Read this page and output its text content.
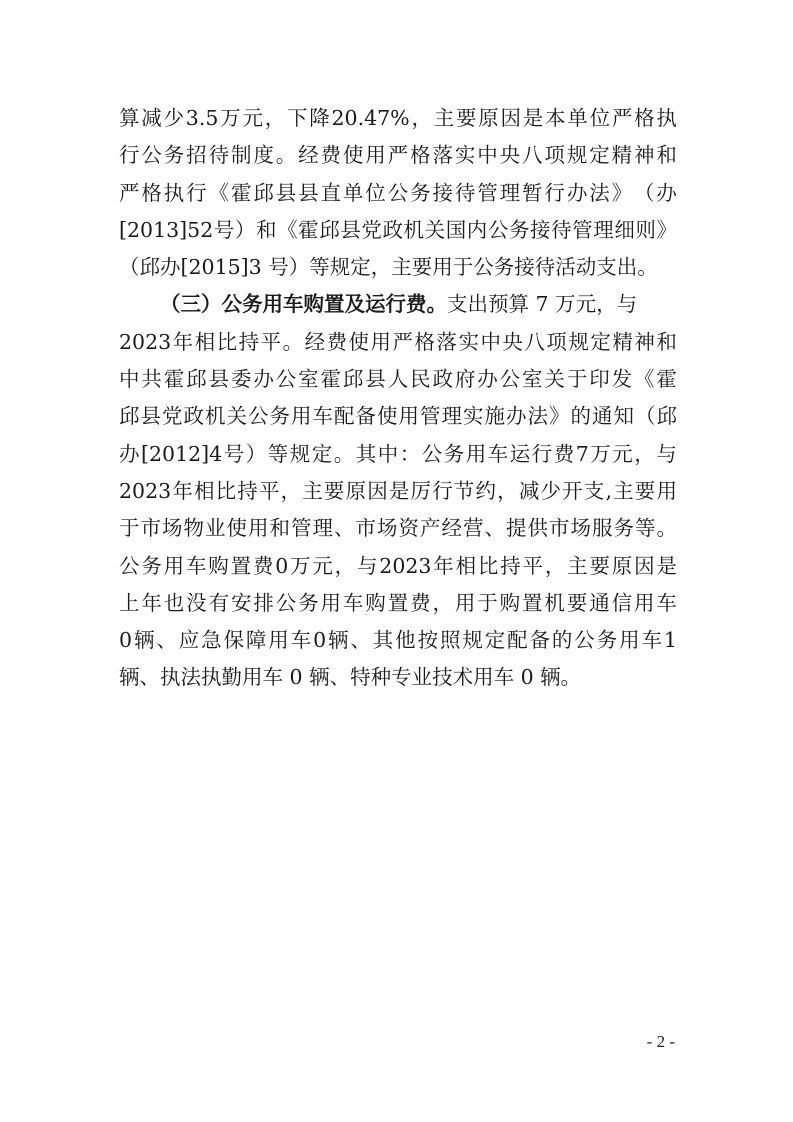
算 减 少 3.5 万 元 ， 下 降 20.47% ， 主 要 原 因 是 本 单 位 严 格 执
行 公 务 招 待 制 度 。 经 费 使 用 严 格 落 实 中 央 八 项 规 定 精 神 和
严 格 执 行 《 霍 邱 县 县 直 单 位 公 务 接 待 管 理 暂 行 办 法 》 （ 办
[2013]52 号 ） 和 《 霍 邱 县 党 政 机 关 国 内 公 务 接 待 管 理 细 则 》
（邱办[2015]3 号）等规定，主要用于公务接待活动支出。
（三）公务用车购置及运行费。 支出预算 7 万元，与
2023 年 相 比 持 平 。 经 费 使 用 严 格 落 实 中 央 八 项 规 定 精 神 和
中 共 霍 邱 县 委 办 公 室 霍 邱 县 人 民 政 府 办 公 室 关 于 印 发 《 霍
邱 县 党 政 机 关 公 务 用 车 配 备 使 用 管 理 实 施 办 法 》 的 通 知 （ 邱
办 [2012]4 号 ） 等 规 定 。 其 中 ： 公 务 用 车 运 行 费 7 万 元 ， 与
2023 年 相 比 持 平 ， 主 要 原 因 是 厉 行 节 约 ， 减 少 开 支 , 主 要 用
于 市 场 物 业 使 用 和 管 理 、 市 场 资 产 经 营 、 提 供 市 场 服 务 等 。
公 务 用 车 购 置 费 0 万 元 ， 与 2023 年 相 比 持 平 ， 主 要 原 因 是
上 年 也 没 有 安 排 公 务 用 车 购 置 费 ， 用 于 购 置 机 要 通 信 用 车
0 辆 、 应 急 保 障 用 车 0 辆 、 其 他 按 照 规 定 配 备 的 公 务 用 车 1
辆、执法执勤用车 0 辆、特种专业技术用车 0 辆。
- 2 -
